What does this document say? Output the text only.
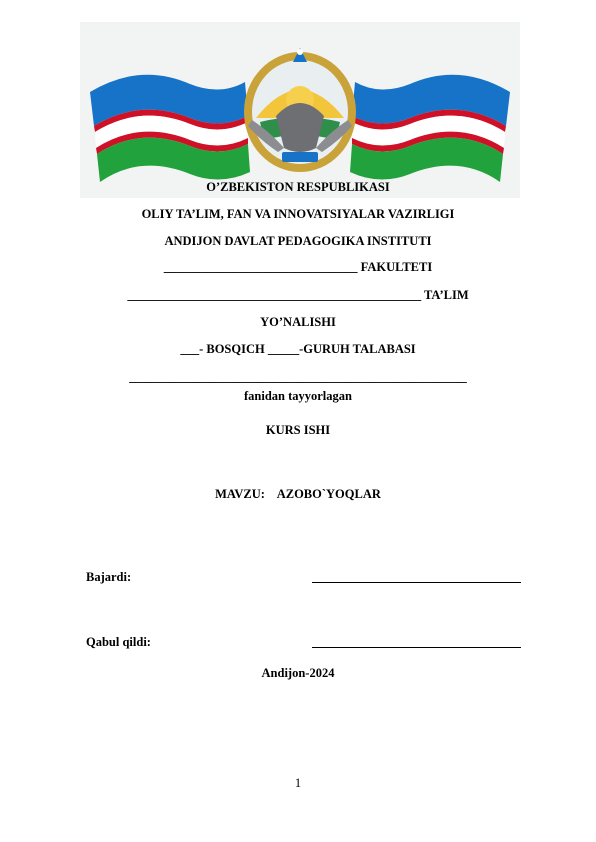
O’ZBEKISTON RESPUBLIKASI
OLIY TA’LIM, FAN VA INNOVATSIYALAR VAZIRLIGI
ANDIJON DAVLAT PEDAGOGIKA INSTITUTI
_______________________________ FAKULTETI
_______________________________________________ TA’LIM
YO’NALISHI
___- BOSQICH _____-GURUH TALABASI
______________________________________________________
fanidan tayyorlagan
KURS ISHI
MAVZU: AZOBO`YOQLAR
Bajardi:
Qabul qildi:
Andijon-2024
1
